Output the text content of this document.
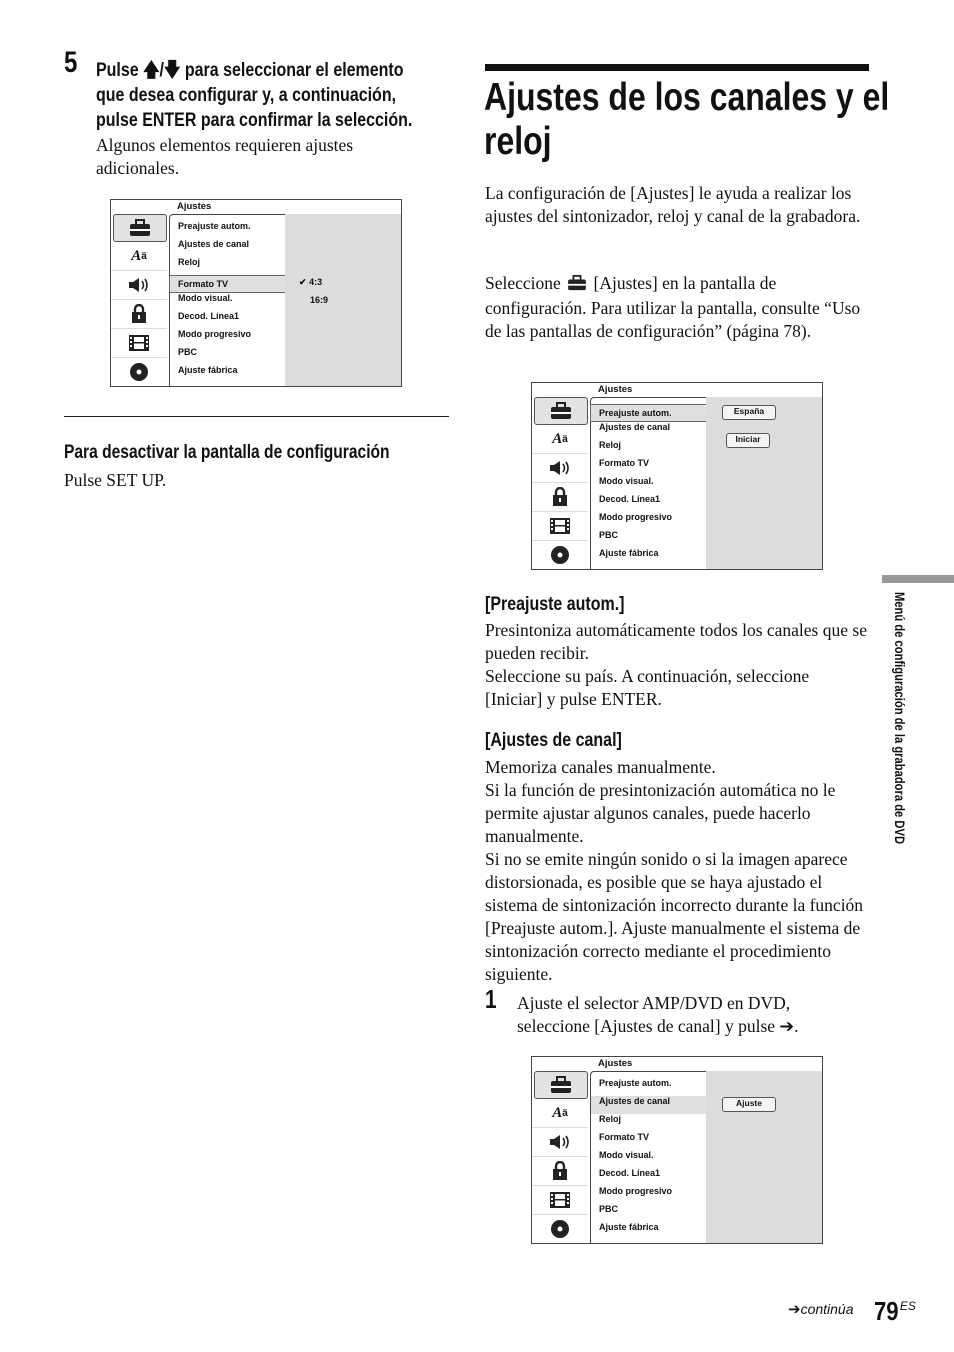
5 Pulse 🡅/🡇 para seleccionar el elemento
que desea configurar y, a continuación,
pulse ENTER para confirmar la selección.

Algunos elementos requieren ajustes adicionales.

Ajustes
A ä
Preajuste autom.
Ajustes de canal
Reloj
Formato TV
Modo visual.
Decod. Línea1
Modo progresivo
PBC
Ajuste fábrica
✔ 4:3
16:9
Para desactivar la pantalla de configuración
Pulse SET UP.
Ajustes de los canales y el
reloj

La configuración de [Ajustes] le ayuda a realizar los ajustes del sintonizador, reloj y canal de la grabadora.

Seleccione [Ajustes] en la pantalla de configuración. Para utilizar la pantalla, consulte “Uso de las pantallas de configuración” (página 78).

Ajustes
A ä
Preajuste autom.
Ajustes de canal
Reloj
Formato TV
Modo visual.
Decod. Línea1
Modo progresivo
PBC
Ajuste fábrica
España
Iniciar
[Preajuste autom.]

Presintoniza automáticamente todos los canales que se pueden recibir.

Seleccione su país. A continuación, seleccione [Iniciar] y pulse ENTER.

[Ajustes de canal]

Memoriza canales manualmente.

Si la función de presintonización automática no le permite ajustar algunos canales, puede hacerlo manualmente.

Si no se emite ningún sonido o si la imagen aparece distorsionada, es posible que se haya ajustado el sistema de sintonización incorrecto durante la función [Preajuste autom.]. Ajuste manualmente el sistema de sintonización correcto mediante el procedimiento siguiente.

1 Ajuste el selector AMP/DVD en DVD,

seleccione [Ajustes de canal] y pulse ➔.

Ajustes
A ä
Preajuste autom.
Ajustes de canal
Reloj
Formato TV
Modo visual.
Decod. Línea1
Modo progresivo
PBC
Ajuste fábrica
Ajuste
Menú de configuración de la grabadora de DVD
➔continúa $79^{ES}$
